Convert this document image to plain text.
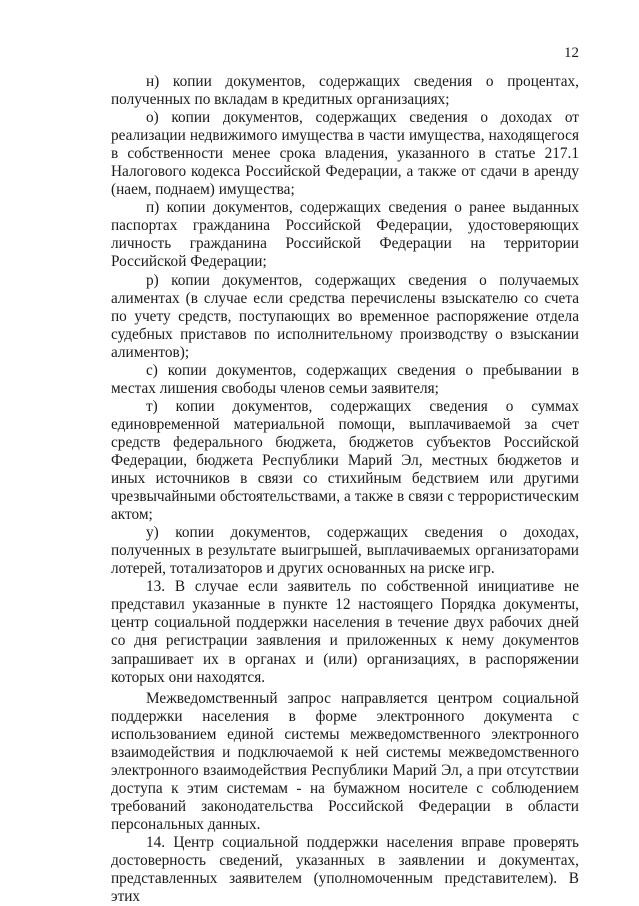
12

н) копии документов, содержащих сведения о процентах, полученных по вкладам в кредитных организациях;

о) копии документов, содержащих сведения о доходах от реализации недвижимого имущества в части имущества, находящегося в собственности менее срока владения, указанного в статье 217.1 Налогового кодекса Российской Федерации, а также от сдачи в аренду (наем, поднаем) имущества;

п) копии документов, содержащих сведения о ранее выданных паспортах гражданина Российской Федерации, удостоверяющих личность гражданина Российской Федерации на территории Российской Федерации;

р) копии документов, содержащих сведения о получаемых алиментах (в случае если средства перечислены взыскателю со счета по учету средств, поступающих во временное распоряжение отдела судебных приставов по исполнительному производству о взыскании алиментов);

с) копии документов, содержащих сведения о пребывании в местах лишения свободы членов семьи заявителя;

т) копии документов, содержащих сведения о суммах единовременной материальной помощи, выплачиваемой за счет средств федерального бюджета, бюджетов субъектов Российской Федерации, бюджета Республики Марий Эл, местных бюджетов и иных источников в связи со стихийным бедствием или другими чрезвычайными обстоятельствами, а также в связи с террористическим актом;

у) копии документов, содержащих сведения о доходах, полученных в результате выигрышей, выплачиваемых организаторами лотерей, тотализаторов и других основанных на риске игр.

13. В случае если заявитель по собственной инициативе не представил указанные в пункте 12 настоящего Порядка документы, центр социальной поддержки населения в течение двух рабочих дней со дня регистрации заявления и приложенных к нему документов запрашивает их в органах и (или) организациях, в распоряжении которых они находятся.

Межведомственный запрос направляется центром социальной поддержки населения в форме электронного документа с использованием единой системы межведомственного электронного взаимодействия и подключаемой к ней системы межведомственного электронного взаимодействия Республики Марий Эл, а при отсутствии доступа к этим системам - на бумажном носителе с соблюдением требований законодательства Российской Федерации в области персональных данных.

14. Центр социальной поддержки населения вправе проверять достоверность сведений, указанных в заявлении и документах, представленных заявителем (уполномоченным представителем). В этих
